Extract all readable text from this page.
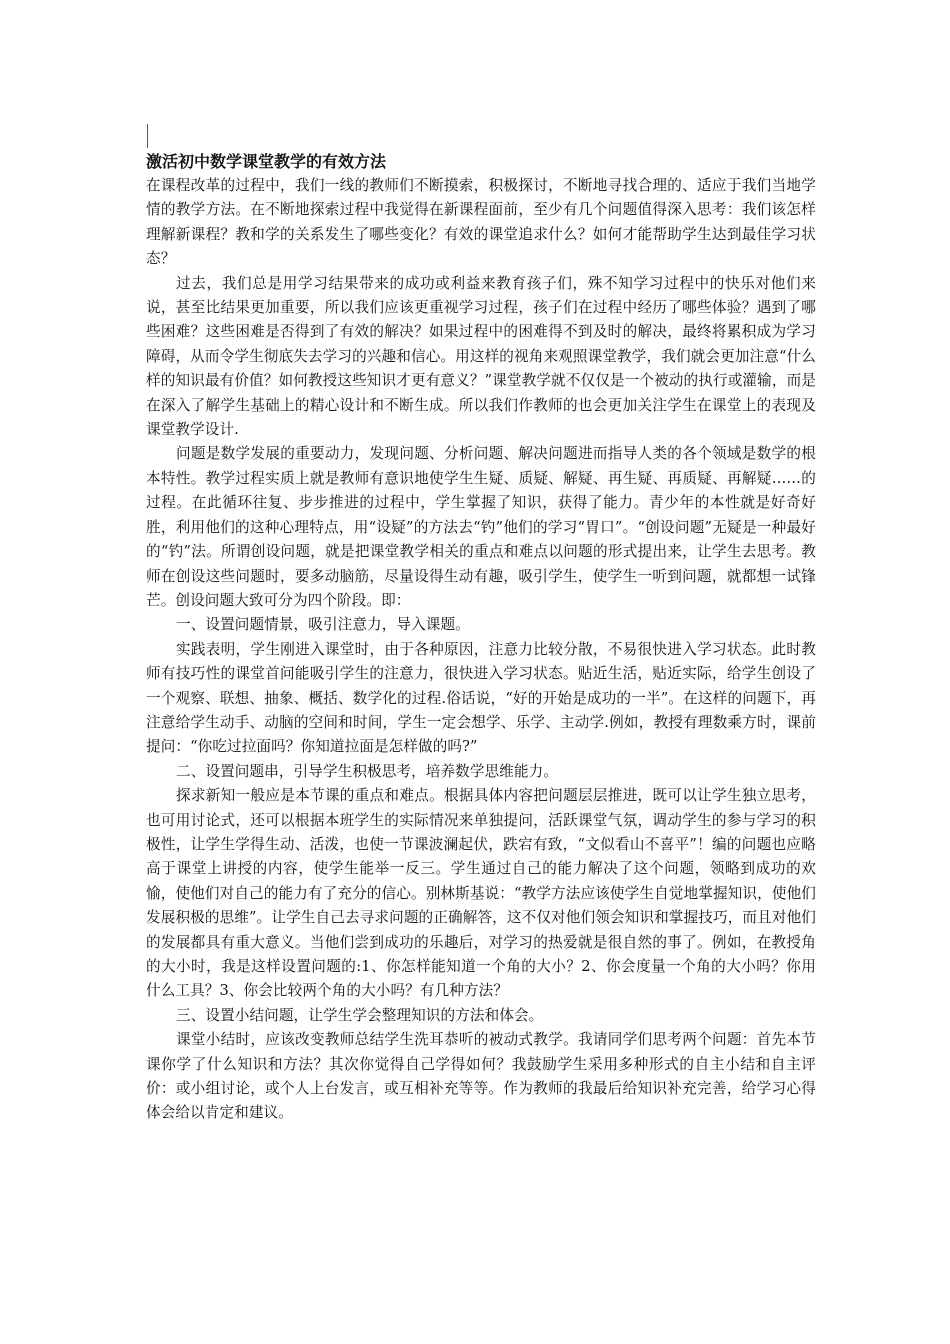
激活初中数学课堂教学的有效方法

在课程改革的过程中，我们一线的教师们不断摸索，积极探讨，不断地寻找合理的、适应于我们当地学情的教学方法。在不断地探索过程中我觉得在新课程面前，至少有几个问题值得深入思考：我们该怎样理解新课程？教和学的关系发生了哪些变化？有效的课堂追求什么？如何才能帮助学生达到最佳学习状态？

过去，我们总是用学习结果带来的成功或利益来教育孩子们，殊不知学习过程中的快乐对他们来说，甚至比结果更加重要，所以我们应该更重视学习过程，孩子们在过程中经历了哪些体验？遇到了哪些困难？这些困难是否得到了有效的解决？如果过程中的困难得不到及时的解决，最终将累积成为学习障碍，从而令学生彻底失去学习的兴趣和信心。用这样的视角来观照课堂教学，我们就会更加注意“什么样的知识最有价值？如何教授这些知识才更有意义？”课堂教学就不仅仅是一个被动的执行或灌输，而是在深入了解学生基础上的精心设计和不断生成。所以我们作教师的也会更加关注学生在课堂上的表现及课堂教学设计.

问题是数学发展的重要动力，发现问题、分析问题、解决问题进而指导人类的各个领域是数学的根本特性。教学过程实质上就是教师有意识地使学生生疑、质疑、解疑、再生疑、再质疑、再解疑……的过程。在此循环往复、步步推进的过程中，学生掌握了知识，获得了能力。青少年的本性就是好奇好胜，利用他们的这种心理特点，用“设疑”的方法去“钓”他们的学习“胃口”。“创设问题”无疑是一种最好的“钓”法。所谓创设问题，就是把课堂教学相关的重点和难点以问题的形式提出来，让学生去思考。教师在创设这些问题时，要多动脑筋，尽量设得生动有趣，吸引学生，使学生一听到问题，就都想一试锋芒。创设问题大致可分为四个阶段。即：

一、设置问题情景，吸引注意力，导入课题。

实践表明，学生刚进入课堂时，由于各种原因，注意力比较分散，不易很快进入学习状态。此时教师有技巧性的课堂首问能吸引学生的注意力，很快进入学习状态。贴近生活，贴近实际，给学生创设了一个观察、联想、抽象、概括、数学化的过程.俗话说，“好的开始是成功的一半”。在这样的问题下，再注意给学生动手、动脑的空间和时间，学生一定会想学、乐学、主动学.例如，教授有理数乘方时，课前提问：“你吃过拉面吗？你知道拉面是怎样做的吗?”

二、设置问题串，引导学生积极思考，培养数学思维能力。

探求新知一般应是本节课的重点和难点。根据具体内容把问题层层推进，既可以让学生独立思考，也可用讨论式，还可以根据本班学生的实际情况来单独提问，活跃课堂气氛，调动学生的参与学习的积极性，让学生学得生动、活泼，也使一节课波澜起伏，跌宕有致，“文似看山不喜平”！编的问题也应略高于课堂上讲授的内容，使学生能举一反三。学生通过自己的能力解决了这个问题，领略到成功的欢愉，使他们对自己的能力有了充分的信心。别林斯基说：“教学方法应该使学生自觉地掌握知识，使他们发展积极的思维”。让学生自己去寻求问题的正确解答，这不仅对他们领会知识和掌握技巧，而且对他们的发展都具有重大意义。当他们尝到成功的乐趣后，对学习的热爱就是很自然的事了。例如，在教授角的大小时，我是这样设置问题的:1、你怎样能知道一个角的大小？2、你会度量一个角的大小吗？你用什么工具？3、你会比较两个角的大小吗？有几种方法？

三、设置小结问题，让学生学会整理知识的方法和体会。

课堂小结时，应该改变教师总结学生洗耳恭听的被动式教学。我请同学们思考两个问题：首先本节课你学了什么知识和方法？其次你觉得自己学得如何？我鼓励学生采用多种形式的自主小结和自主评价：或小组讨论，或个人上台发言，或互相补充等等。作为教师的我最后给知识补充完善，给学习心得体会给以肯定和建议。
